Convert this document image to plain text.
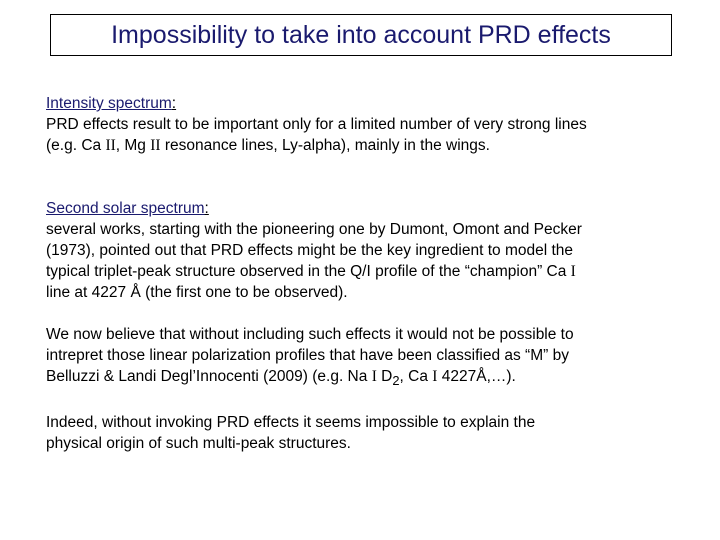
Impossibility to take into account PRD effects

Intensity spectrum:
PRD effects result to be important only for a limited number of very strong lines
(e.g. Ca II, Mg II resonance lines, Ly-alpha), mainly in the wings.

Second solar spectrum:
several works, starting with the pioneering one by Dumont, Omont and Pecker
(1973), pointed out that PRD effects might be the key ingredient to model the
typical triplet-peak structure observed in the Q/I profile of the “champion” Ca I
line at 4227 Å (the first one to be observed).

We now believe that without including such effects it would not be possible to
intrepret those linear polarization profiles that have been classified as “M” by
Belluzzi & Landi Degl’Innocenti (2009) (e.g. Na I $D_2$, Ca I 4227Å,…).

Indeed, without invoking PRD effects it seems impossible to explain the
physical origin of such multi-peak structures.
